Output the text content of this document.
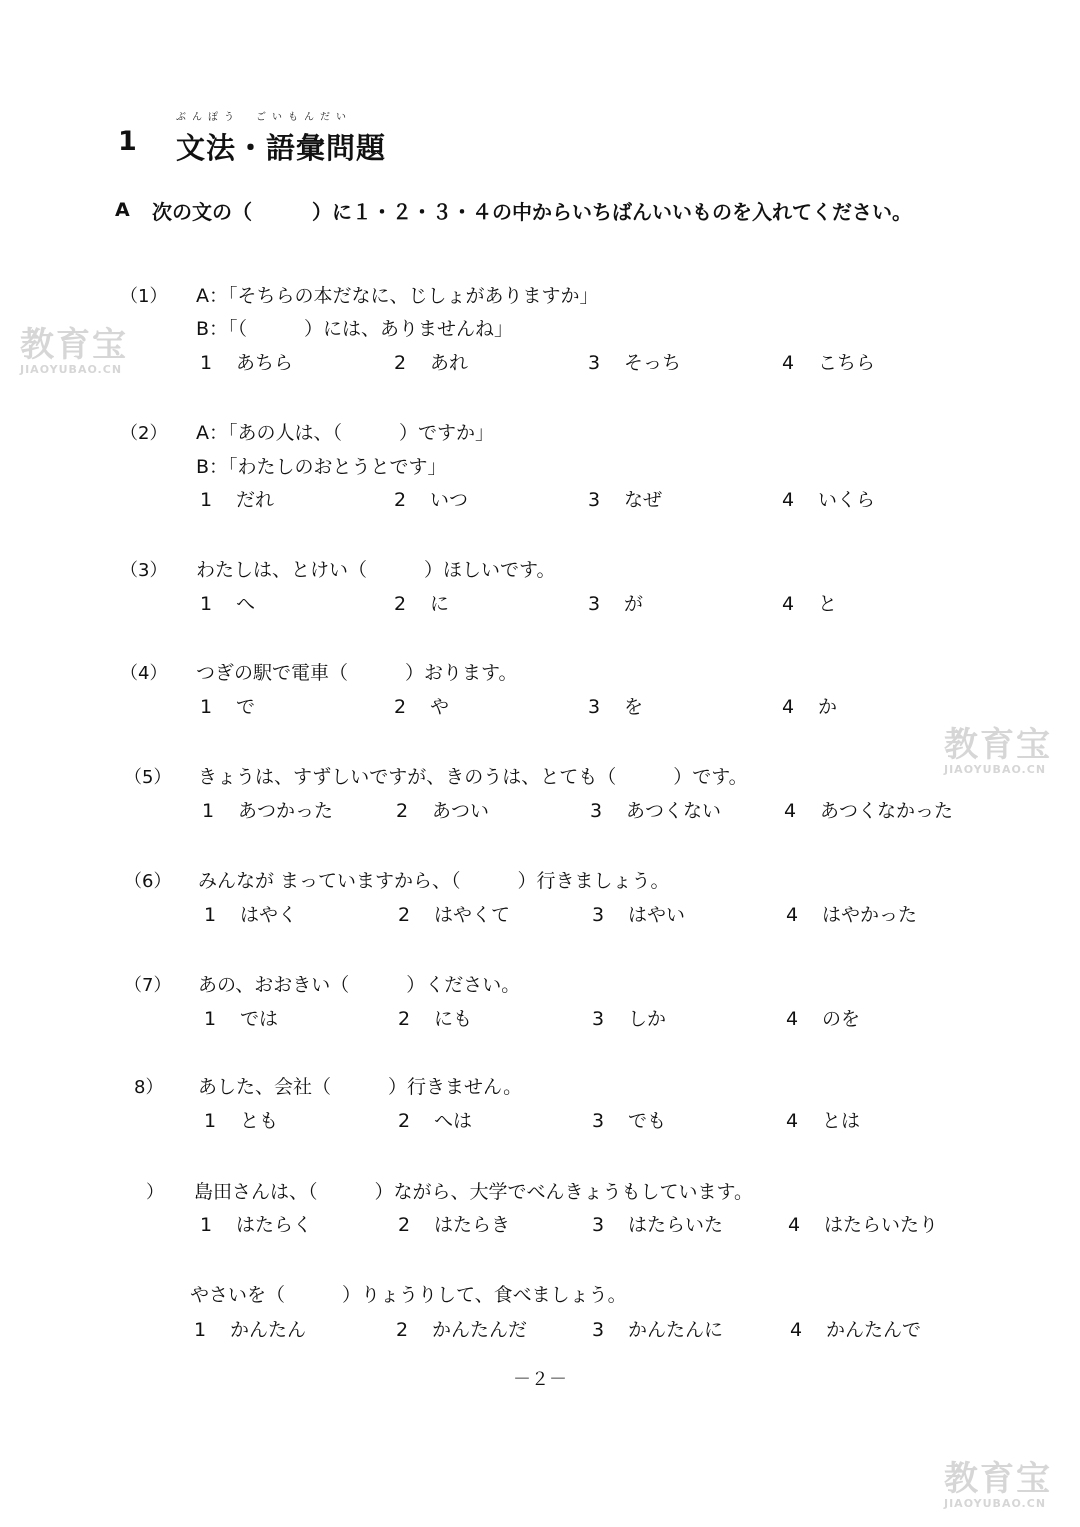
ぶんぽう　ごいもんだい
1 文法・語彙問題
A 次の文の（　　　）に１・２・３・４の中からいちばんいいものを入れてください。
（1） A：「そちらの本だなに、じしょがありますか」
B：「（　　　）には、ありませんね」
1 あちら	2 あれ	3 そっち	4 こちら
（2） A：「あの人は、（　　　）ですか」
B：「わたしのおとうとです」
1 だれ	2 いつ	3 なぜ	4 いくら
（3） わたしは、とけい（　　　）ほしいです。
1 へ	2 に	3 が	4 と
（4） つぎの駅で電車（　　　）おります。
1 で	2 や	3 を	4 か
（5） きょうは、すずしいですが、きのうは、とても（　　　）です。
1 あつかった	2 あつい	3 あつくない	4 あつくなかった
（6） みんなが まっていますから、（　　　）行きましょう。
1 はやく	2 はやくて	3 はやい	4 はやかった
（7） あの、おおきい（　　　）ください。
1 では	2 にも	3 しか	4 のを
8） あした、会社（　　　）行きません。
1 とも	2 へは	3 でも	4 とは
） 島田さんは、（　　　）ながら、大学でべんきょうもしています。
1 はたらく	2 はたらき	3 はたらいた	4 はたらいたり
やさいを（　　　）りょうりして、食べましょう。
1 かんたん	2 かんたんだ	3 かんたんに	4 かんたんで
－２－
教育宝
JIAOYUBAO.CN
教育宝
JIAOYUBAO.CN
教育宝
JIAOYUBAO.CN
